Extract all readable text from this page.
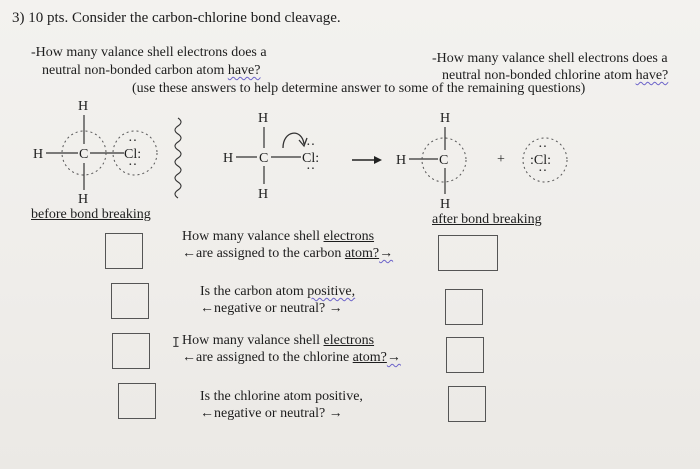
3) 10 pts. Consider the carbon-chlorine bond cleavage.
-How many valance shell electrons does a
neutral non-bonded carbon atom have?
-How many valance shell electrons does a
neutral non-bonded chlorine atom have?
(use these answers to help determine answer to some of the remaining questions)
H
H
H
C	Cl:
··
··
H
H
H
C Cl:
··
··
H
H
H
C	+ :Cl:
··
··
before bond breaking	after bond breaking
How many valance shell electrons
←are assigned to the carbon atom?→
Is the carbon atom positive,
←negative or neutral? →
I How many valance shell electrons
←are assigned to the chlorine atom?→
Is the chlorine atom positive,
←negative or neutral? →
